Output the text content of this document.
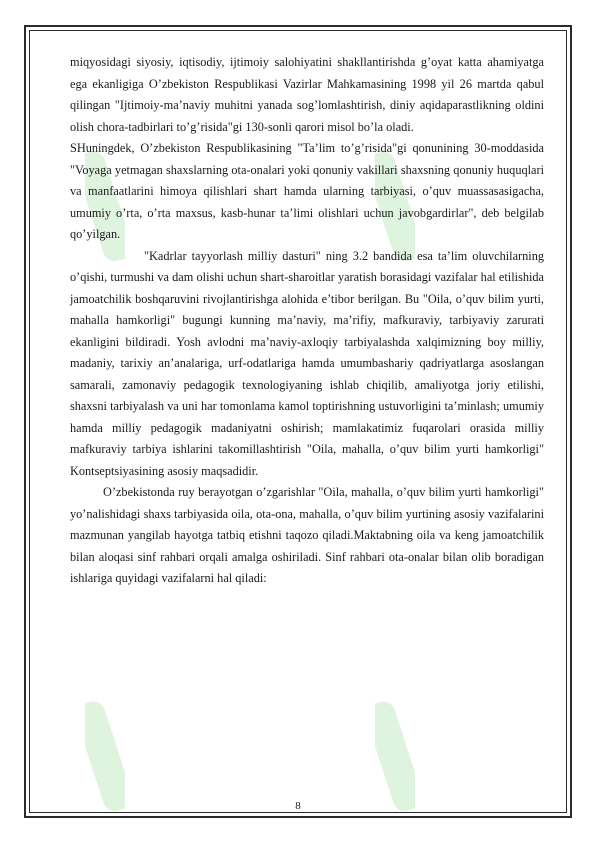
miqyosidagi siyosiy, iqtisodiy, ijtimoiy salohiyatini shakllantirishda g’oyat katta ahamiyatga ega ekanligiga O’zbekiston Respublikasi Vazirlar Mahkamasining 1998 yil 26 martda qabul qilingan "Ijtimoiy-ma’naviy muhitni yanada sog’lomlashtirish, diniy aqidaparastlikning oldini olish chora-tadbirlari to’g’risida"gi 130-sonli qarori misol bo’la oladi.

SHuningdek, O’zbekiston Respublikasining "Ta’lim to’g’risida"gi qonunining 30-moddasida "Voyaga yetmagan shaxslarning ota-onalari yoki qonuniy vakillari shaxsning qonuniy huquqlari va manfaatlarini himoya qilishlari shart hamda ularning tarbiyasi, o’quv muassasasigacha, umumiy o’rta, o’rta maxsus, kasb-hunar ta’limi olishlari uchun javobgardirlar", deb belgilab qo’yilgan.

"Kadrlar tayyorlash milliy dasturi" ning 3.2 bandida esa ta’lim oluvchilarning o’qishi, turmushi va dam olishi uchun shart-sharoitlar yaratish borasidagi vazifalar hal etilishida jamoatchilik boshqaruvini rivojlantirishga alohida e’tibor berilgan. Bu "Oila, o’quv bilim yurti, mahalla hamkorligi" bugungi kunning ma’naviy, ma’rifiy, mafkuraviy, tarbiyaviy zarurati ekanligini bildiradi. Yosh avlodni ma’naviy-axloqiy tarbiyalashda xalqimizning boy milliy, madaniy, tarixiy an’analariga, urf-odatlariga hamda umumbashariy qadriyatlarga asoslangan samarali, zamonaviy pedagogik texnologiyaning ishlab chiqilib, amaliyotga joriy etilishi, shaxsni tarbiyalash va uni har tomonlama kamol toptirishning ustuvorligini ta’minlash; umumiy hamda milliy pedagogik madaniyatni oshirish; mamlakatimiz fuqarolari orasida milliy mafkuraviy tarbiya ishlarini takomillashtirish "Oila, mahalla, o’quv bilim yurti hamkorligi" Kontseptsiyasining asosiy maqsadidir.

O’zbekistonda ruy berayotgan o’zgarishlar "Oila, mahalla, o’quv bilim yurti hamkorligi" yo’nalishidagi shaxs tarbiyasida oila, ota-ona, mahalla, o’quv bilim yurtining asosiy vazifalarini mazmunan yangilab hayotga tatbiq etishni taqozo qiladi.Maktabning oila va keng jamoatchilik bilan aloqasi sinf rahbari orqali amalga oshiriladi. Sinf rahbari ota-onalar bilan olib boradigan ishlariga quyidagi vazifalarni hal qiladi:

8
